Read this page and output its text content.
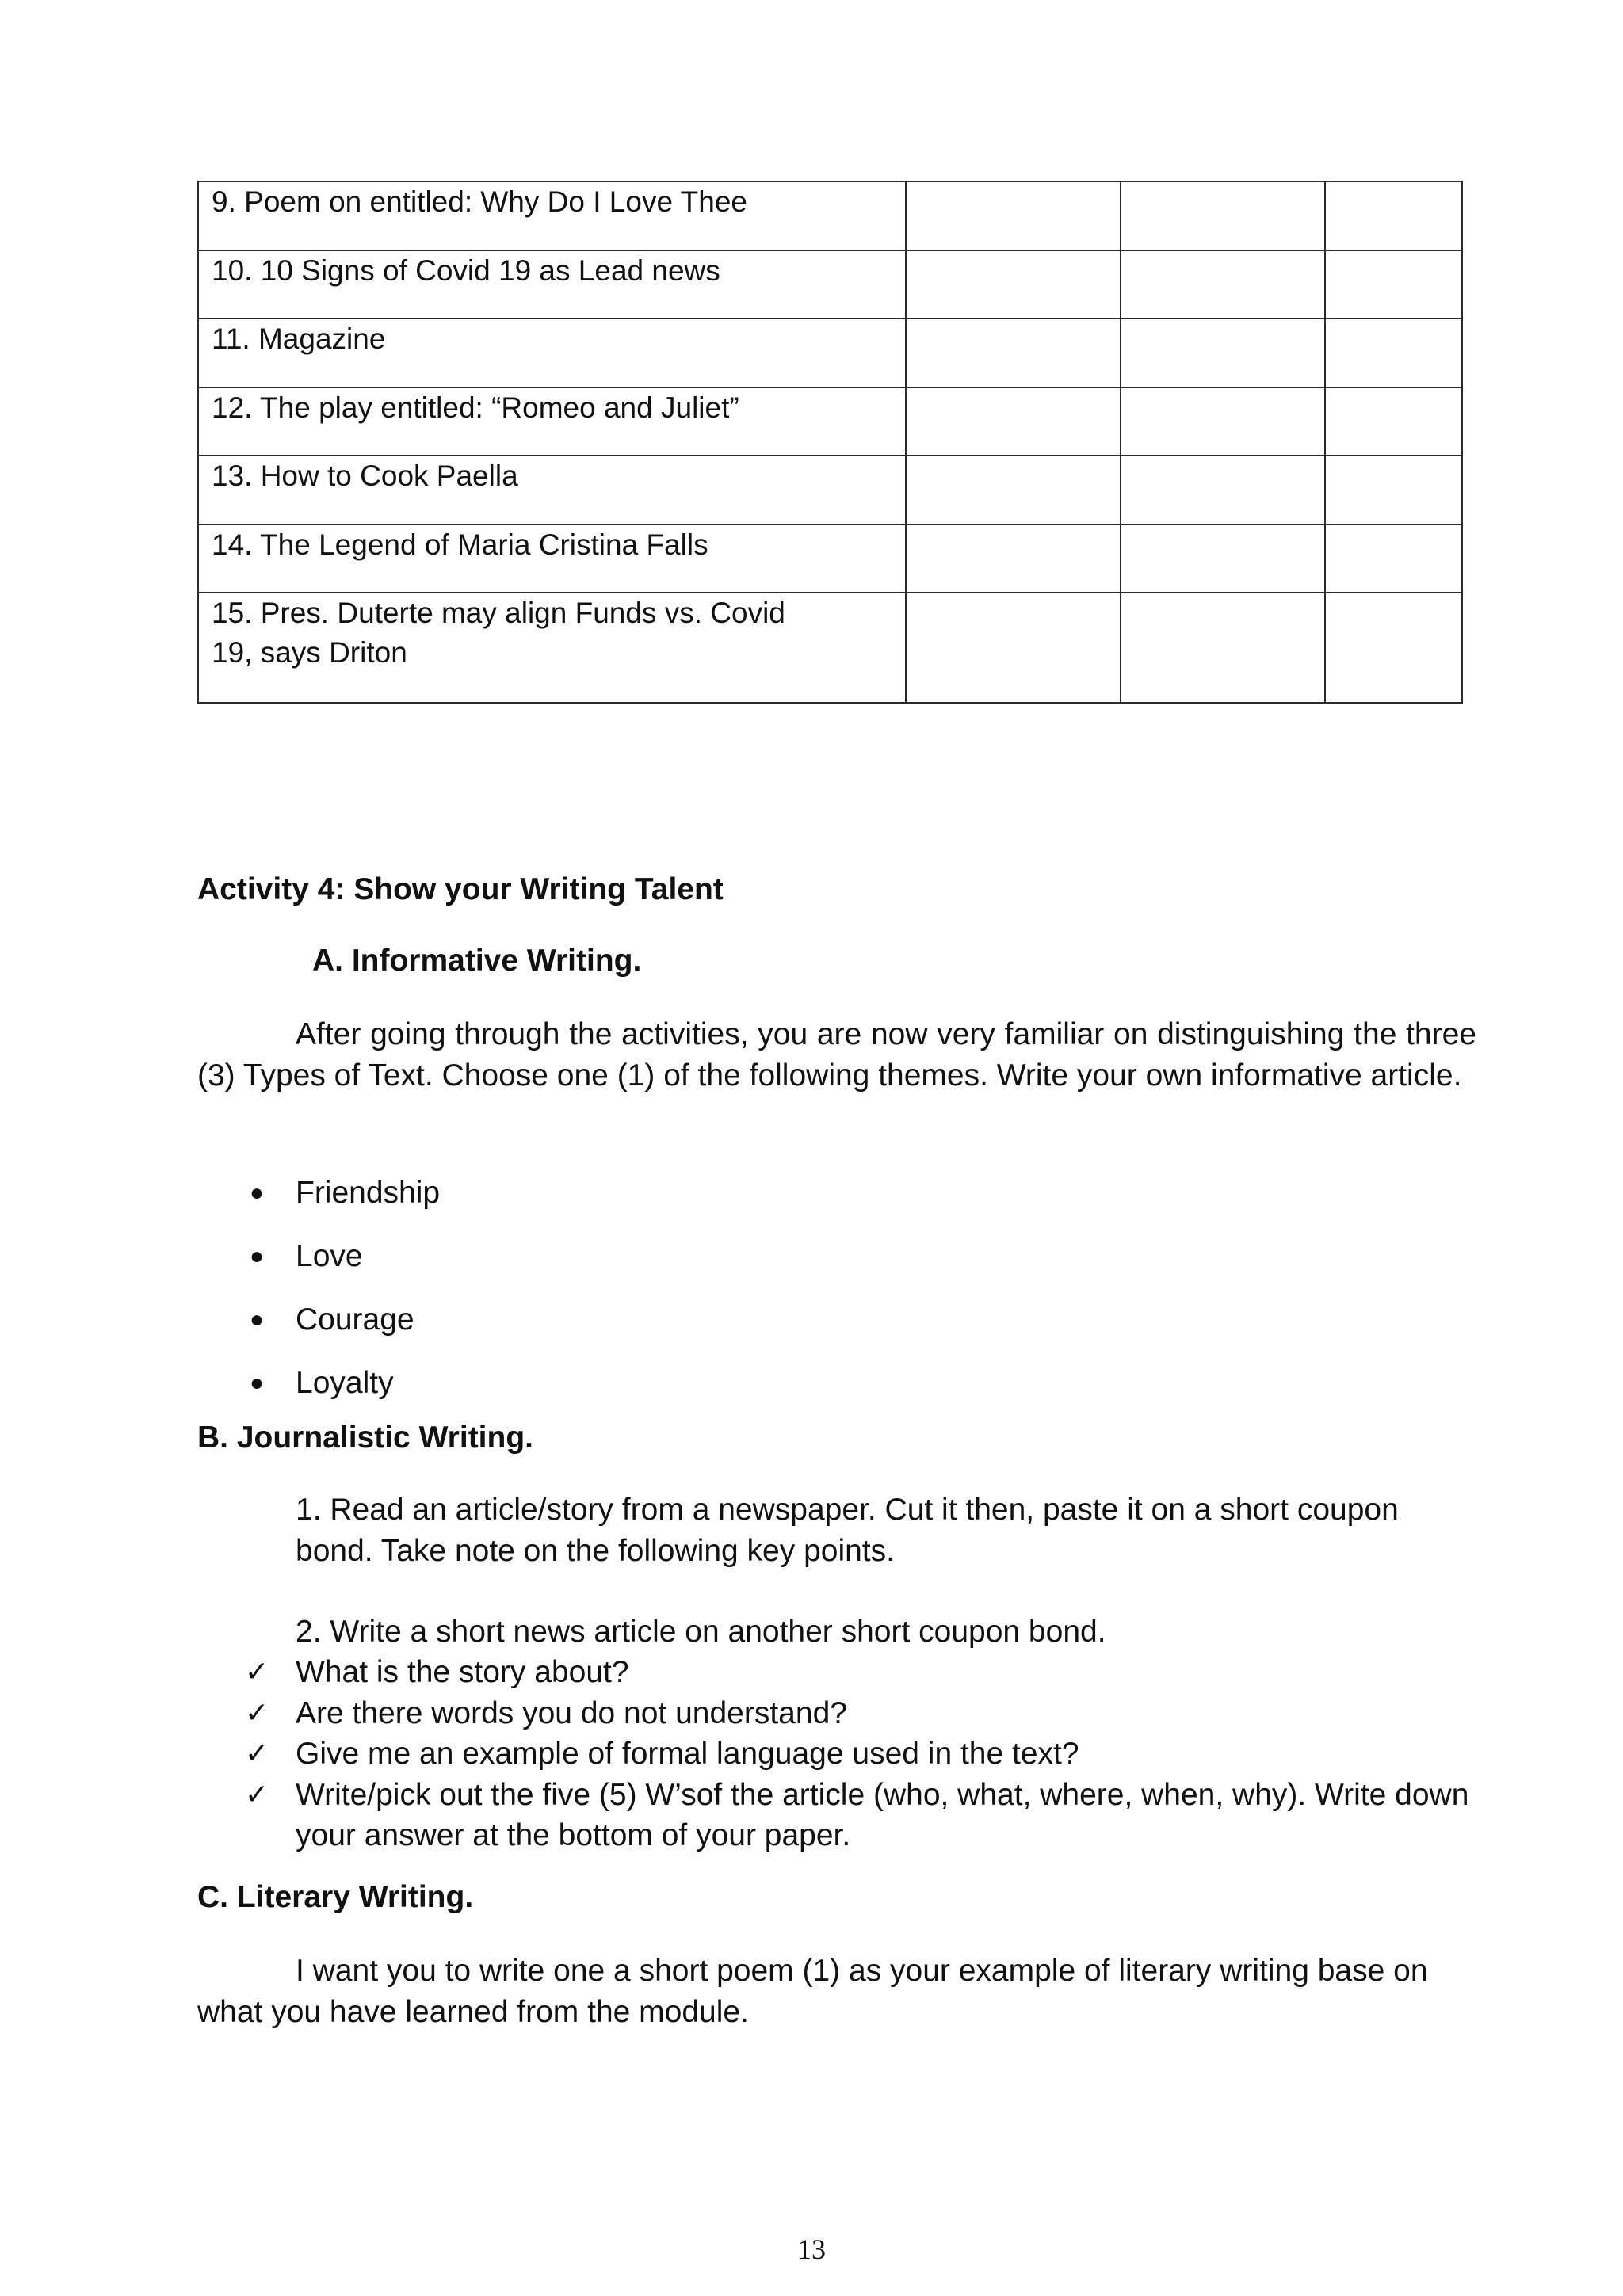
9. Poem on entitled: Why Do I Love Thee			

10. 10 Signs of Covid 19 as Lead news			

11. Magazine			

12. The play entitled: “Romeo and Juliet”			

13. How to Cook Paella			

14. The Legend of Maria Cristina Falls			

15. Pres. Duterte may align Funds vs. Covid 19, says Driton			

Activity 4: Show your Writing Talent
A. Informative Writing.

After going through the activities, you are now very familiar on distinguishing the three (3) Types of Text. Choose one (1) of the following themes. Write your own informative article.

● Friendship
● Love
● Courage
● Loyalty
B. Journalistic Writing.

1. Read an article/story from a newspaper. Cut it then, paste it on a short coupon bond. Take note on the following key points.

2. Write a short news article on another short coupon bond.

✓ What is the story about?
✓ Are there words you do not understand?
✓ Give me an example of formal language used in the text?
✓ Write/pick out the five (5) W’sof the article (who, what, where, when, why). Write down your answer at the bottom of your paper.
C. Literary Writing.

I want you to write one a short poem (1) as your example of literary writing base on what you have learned from the module.

13
